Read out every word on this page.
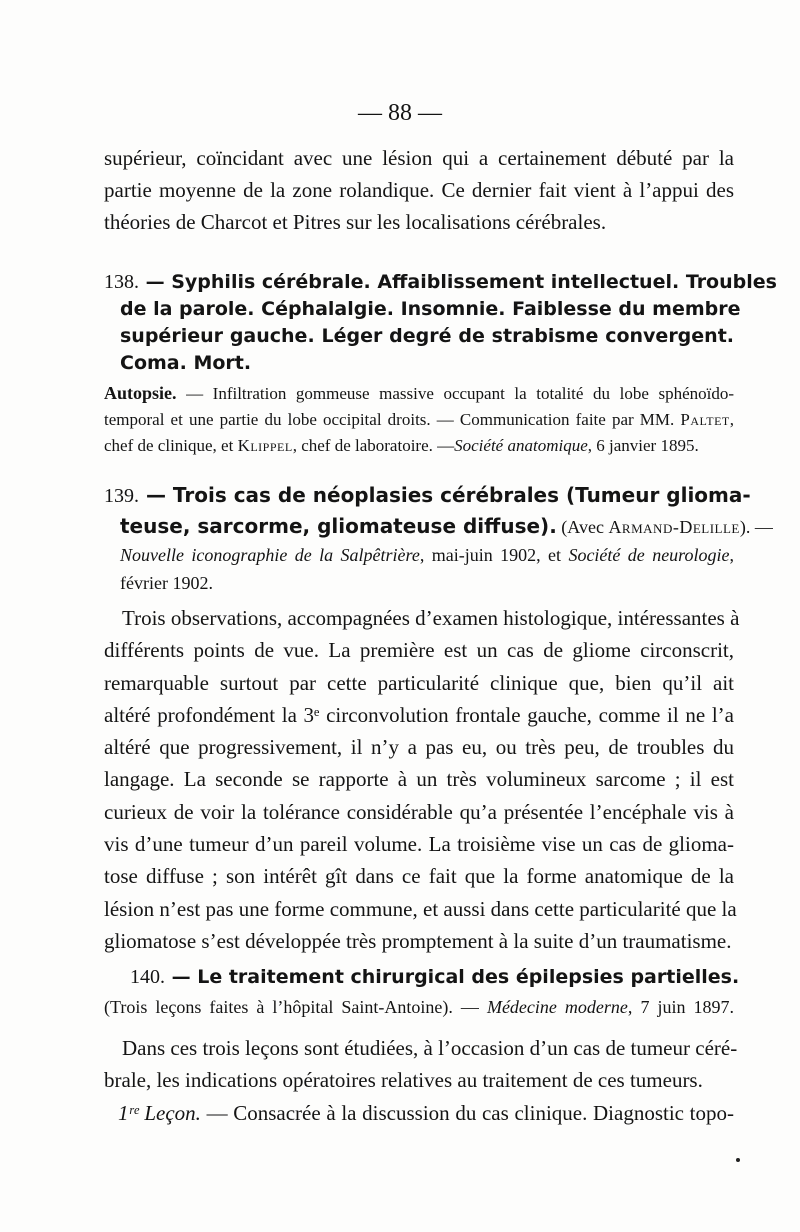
— 88 —
supérieur, coïncidant avec une lésion qui a certainement débuté par la
partie moyenne de la zone rolandique. Ce dernier fait vient à l’appui des
théories de Charcot et Pitres sur les localisations cérébrales.
138. — Syphilis cérébrale. Affaiblissement intellectuel. Troubles
de la parole. Céphalalgie. Insomnie. Faiblesse du membre
supérieur gauche. Léger degré de strabisme convergent.
Coma. Mort.
Autopsie. — Infiltration gommeuse massive occupant la totalité du lobe sphénoïdo-
temporal et une partie du lobe occipital droits. — Communication faite par MM. Paltet,
chef de clinique, et Klippel, chef de laboratoire. —Société anatomique, 6 janvier 1895.
139. — Trois cas de néoplasies cérébrales (Tumeur glioma-
teuse, sarcorme, gliomateuse diffuse). (Avec Armand-Delille). —
Nouvelle iconographie de la Salpêtrière, mai-juin 1902, et Société de neurologie,
février 1902.
Trois observations, accompagnées d’examen histologique, intéressantes à
différents points de vue. La première est un cas de gliome circonscrit,
remarquable surtout par cette particularité clinique que, bien qu’il ait
altéré profondément la 3ᵉ circonvolution frontale gauche, comme il ne l’a
altéré que progressivement, il n’y a pas eu, ou très peu, de troubles du
langage. La seconde se rapporte à un très volumineux sarcome ; il est
curieux de voir la tolérance considérable qu’a présentée l’encéphale vis à
vis d’une tumeur d’un pareil volume. La troisième vise un cas de glioma-
tose diffuse ; son intérêt gît dans ce fait que la forme anatomique de la
lésion n’est pas une forme commune, et aussi dans cette particularité que la
gliomatose s’est développée très promptement à la suite d’un traumatisme.
140. — Le traitement chirurgical des épilepsies partielles.
(Trois leçons faites à l’hôpital Saint-Antoine). — Médecine moderne, 7 juin 1897.
Dans ces trois leçons sont étudiées, à l’occasion d’un cas de tumeur céré-
brale, les indications opératoires relatives au traitement de ces tumeurs.
1ʳᵉ Leçon. — Consacrée à la discussion du cas clinique. Diagnostic topo-
